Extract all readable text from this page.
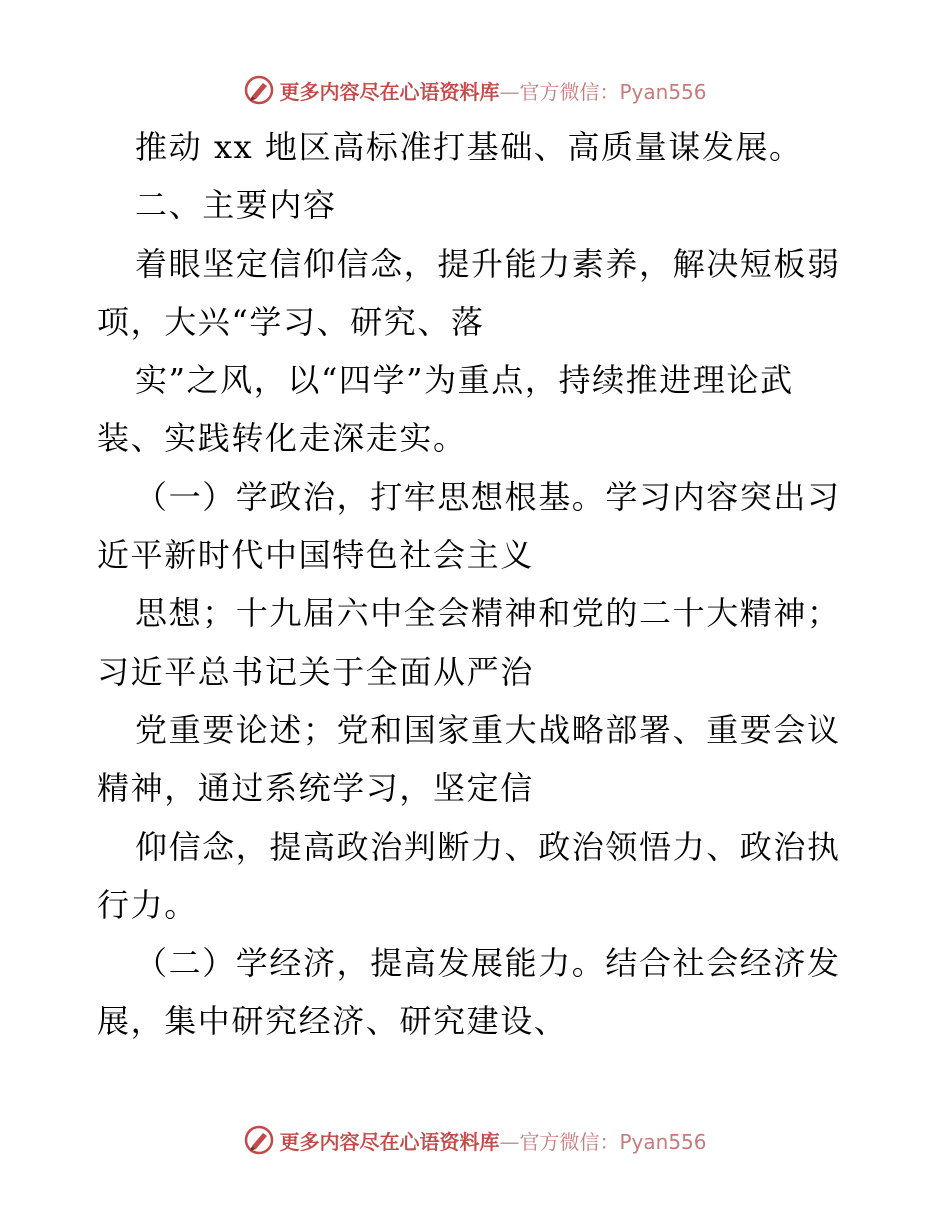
更多内容尽在心语资料库—官方微信：Pyan556
推动 xx 地区高标准打基础、高质量谋发展。
二、主要内容
着眼坚定信仰信念，提升能力素养，解决短板弱
项，大兴“学习、研究、落
实”之风，以“四学”为重点，持续推进理论武
装、实践转化走深走实。
（一）学政治，打牢思想根基。学习内容突出习
近平新时代中国特色社会主义
思想；十九届六中全会精神和党的二十大精神；
习近平总书记关于全面从严治
党重要论述；党和国家重大战略部署、重要会议
精神，通过系统学习，坚定信
仰信念，提高政治判断力、政治领悟力、政治执
行力。
（二）学经济，提高发展能力。结合社会经济发
展，集中研究经济、研究建设、
更多内容尽在心语资料库—官方微信：Pyan556
